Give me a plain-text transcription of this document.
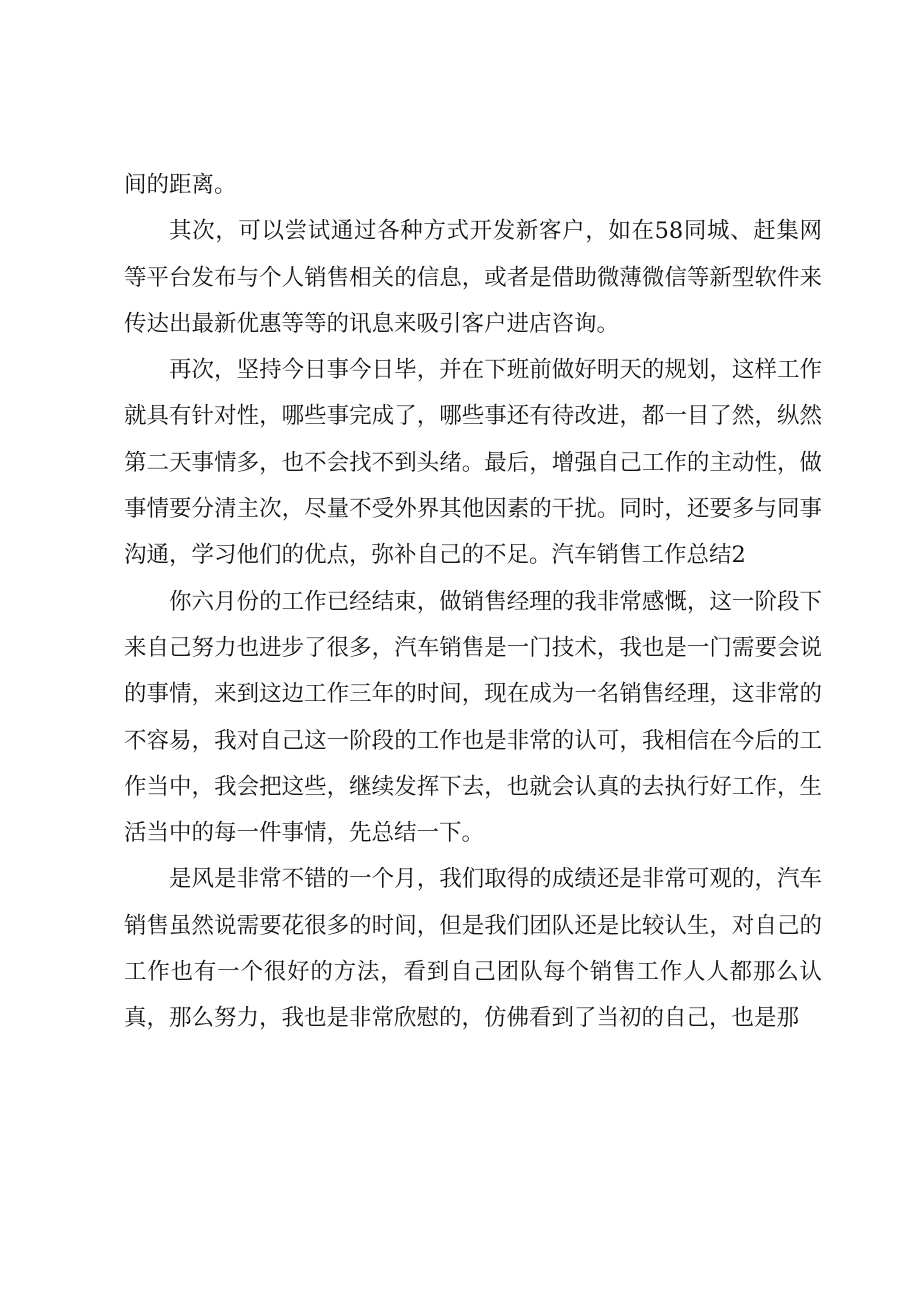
间的距离。

其次，可以尝试通过各种方式开发新客户，如在58同城、赶集网等平台发布与个人销售相关的信息，或者是借助微薄微信等新型软件来传达出最新优惠等等的讯息来吸引客户进店咨询。

再次，坚持今日事今日毕，并在下班前做好明天的规划，这样工作就具有针对性，哪些事完成了，哪些事还有待改进，都一目了然，纵然第二天事情多，也不会找不到头绪。最后，增强自己工作的主动性，做事情要分清主次，尽量不受外界其他因素的干扰。同时，还要多与同事沟通，学习他们的优点，弥补自己的不足。汽车销售工作总结2

你六月份的工作已经结束，做销售经理的我非常感慨，这一阶段下来自己努力也进步了很多，汽车销售是一门技术，我也是一门需要会说的事情，来到这边工作三年的时间，现在成为一名销售经理，这非常的不容易，我对自己这一阶段的工作也是非常的认可，我相信在今后的工作当中，我会把这些，继续发挥下去，也就会认真的去执行好工作，生活当中的每一件事情，先总结一下。

是风是非常不错的一个月，我们取得的成绩还是非常可观的，汽车销售虽然说需要花很多的时间，但是我们团队还是比较认生，对自己的工作也有一个很好的方法，看到自己团队每个销售工作人人都那么认真，那么努力，我也是非常欣慰的，仿佛看到了当初的自己，也是那
